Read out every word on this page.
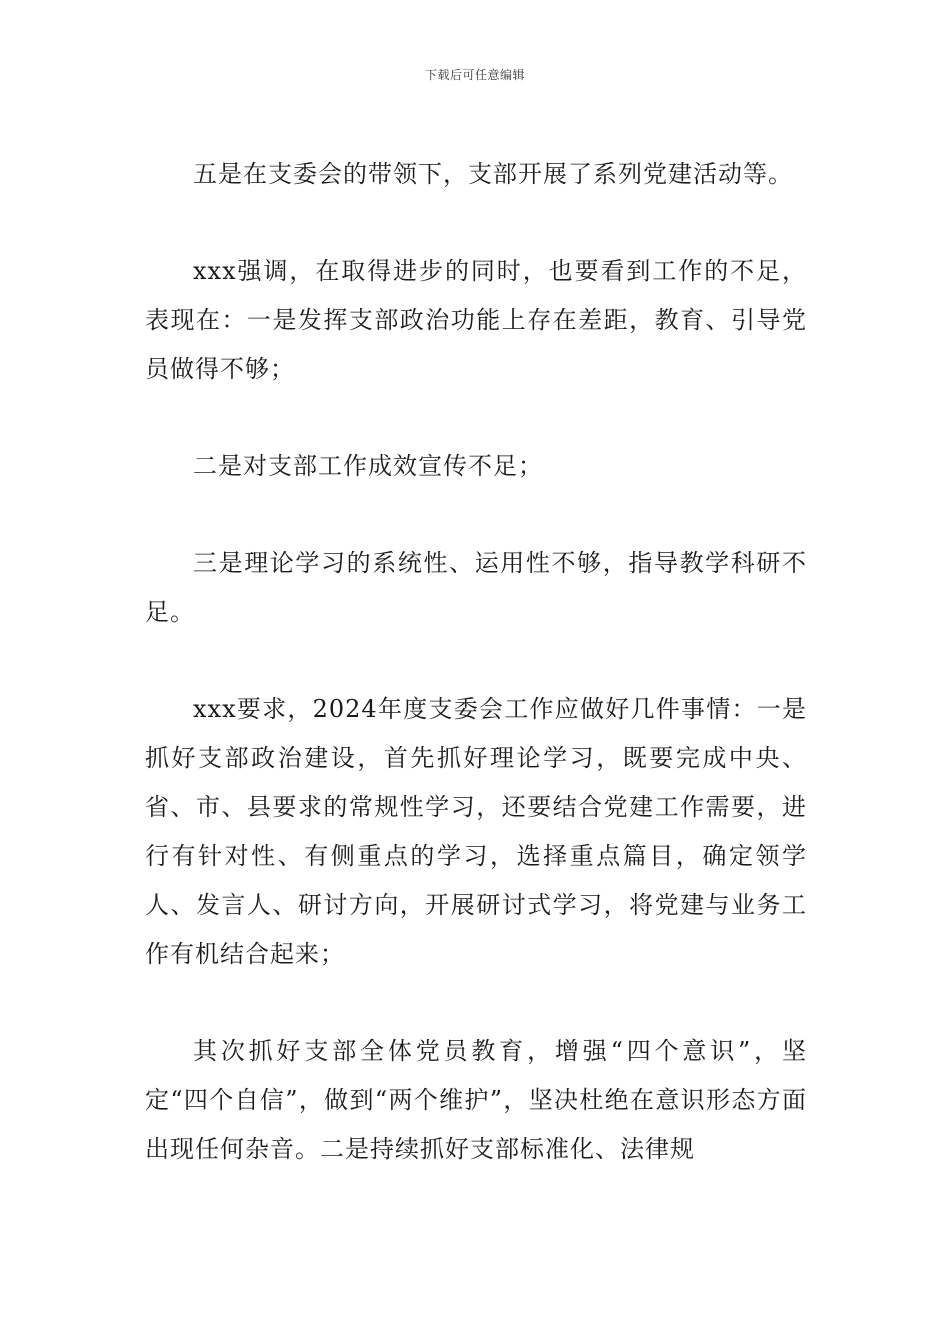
下载后可任意编辑

五是在支委会的带领下，支部开展了系列党建活动等。

xxx强调，在取得进步的同时，也要看到工作的不足，表现在：一是发挥支部政治功能上存在差距，教育、引导党员做得不够；

二是对支部工作成效宣传不足；

三是理论学习的系统性、运用性不够，指导教学科研不足。

xxx要求，2024年度支委会工作应做好几件事情：一是抓好支部政治建设，首先抓好理论学习，既要完成中央、省、市、县要求的常规性学习，还要结合党建工作需要，进行有针对性、有侧重点的学习，选择重点篇目，确定领学人、发言人、研讨方向，开展研讨式学习，将党建与业务工作有机结合起来；

其次抓好支部全体党员教育，增强“四个意识”，坚定“四个自信”，做到“两个维护”，坚决杜绝在意识形态方面出现任何杂音。二是持续抓好支部标准化、法律规
